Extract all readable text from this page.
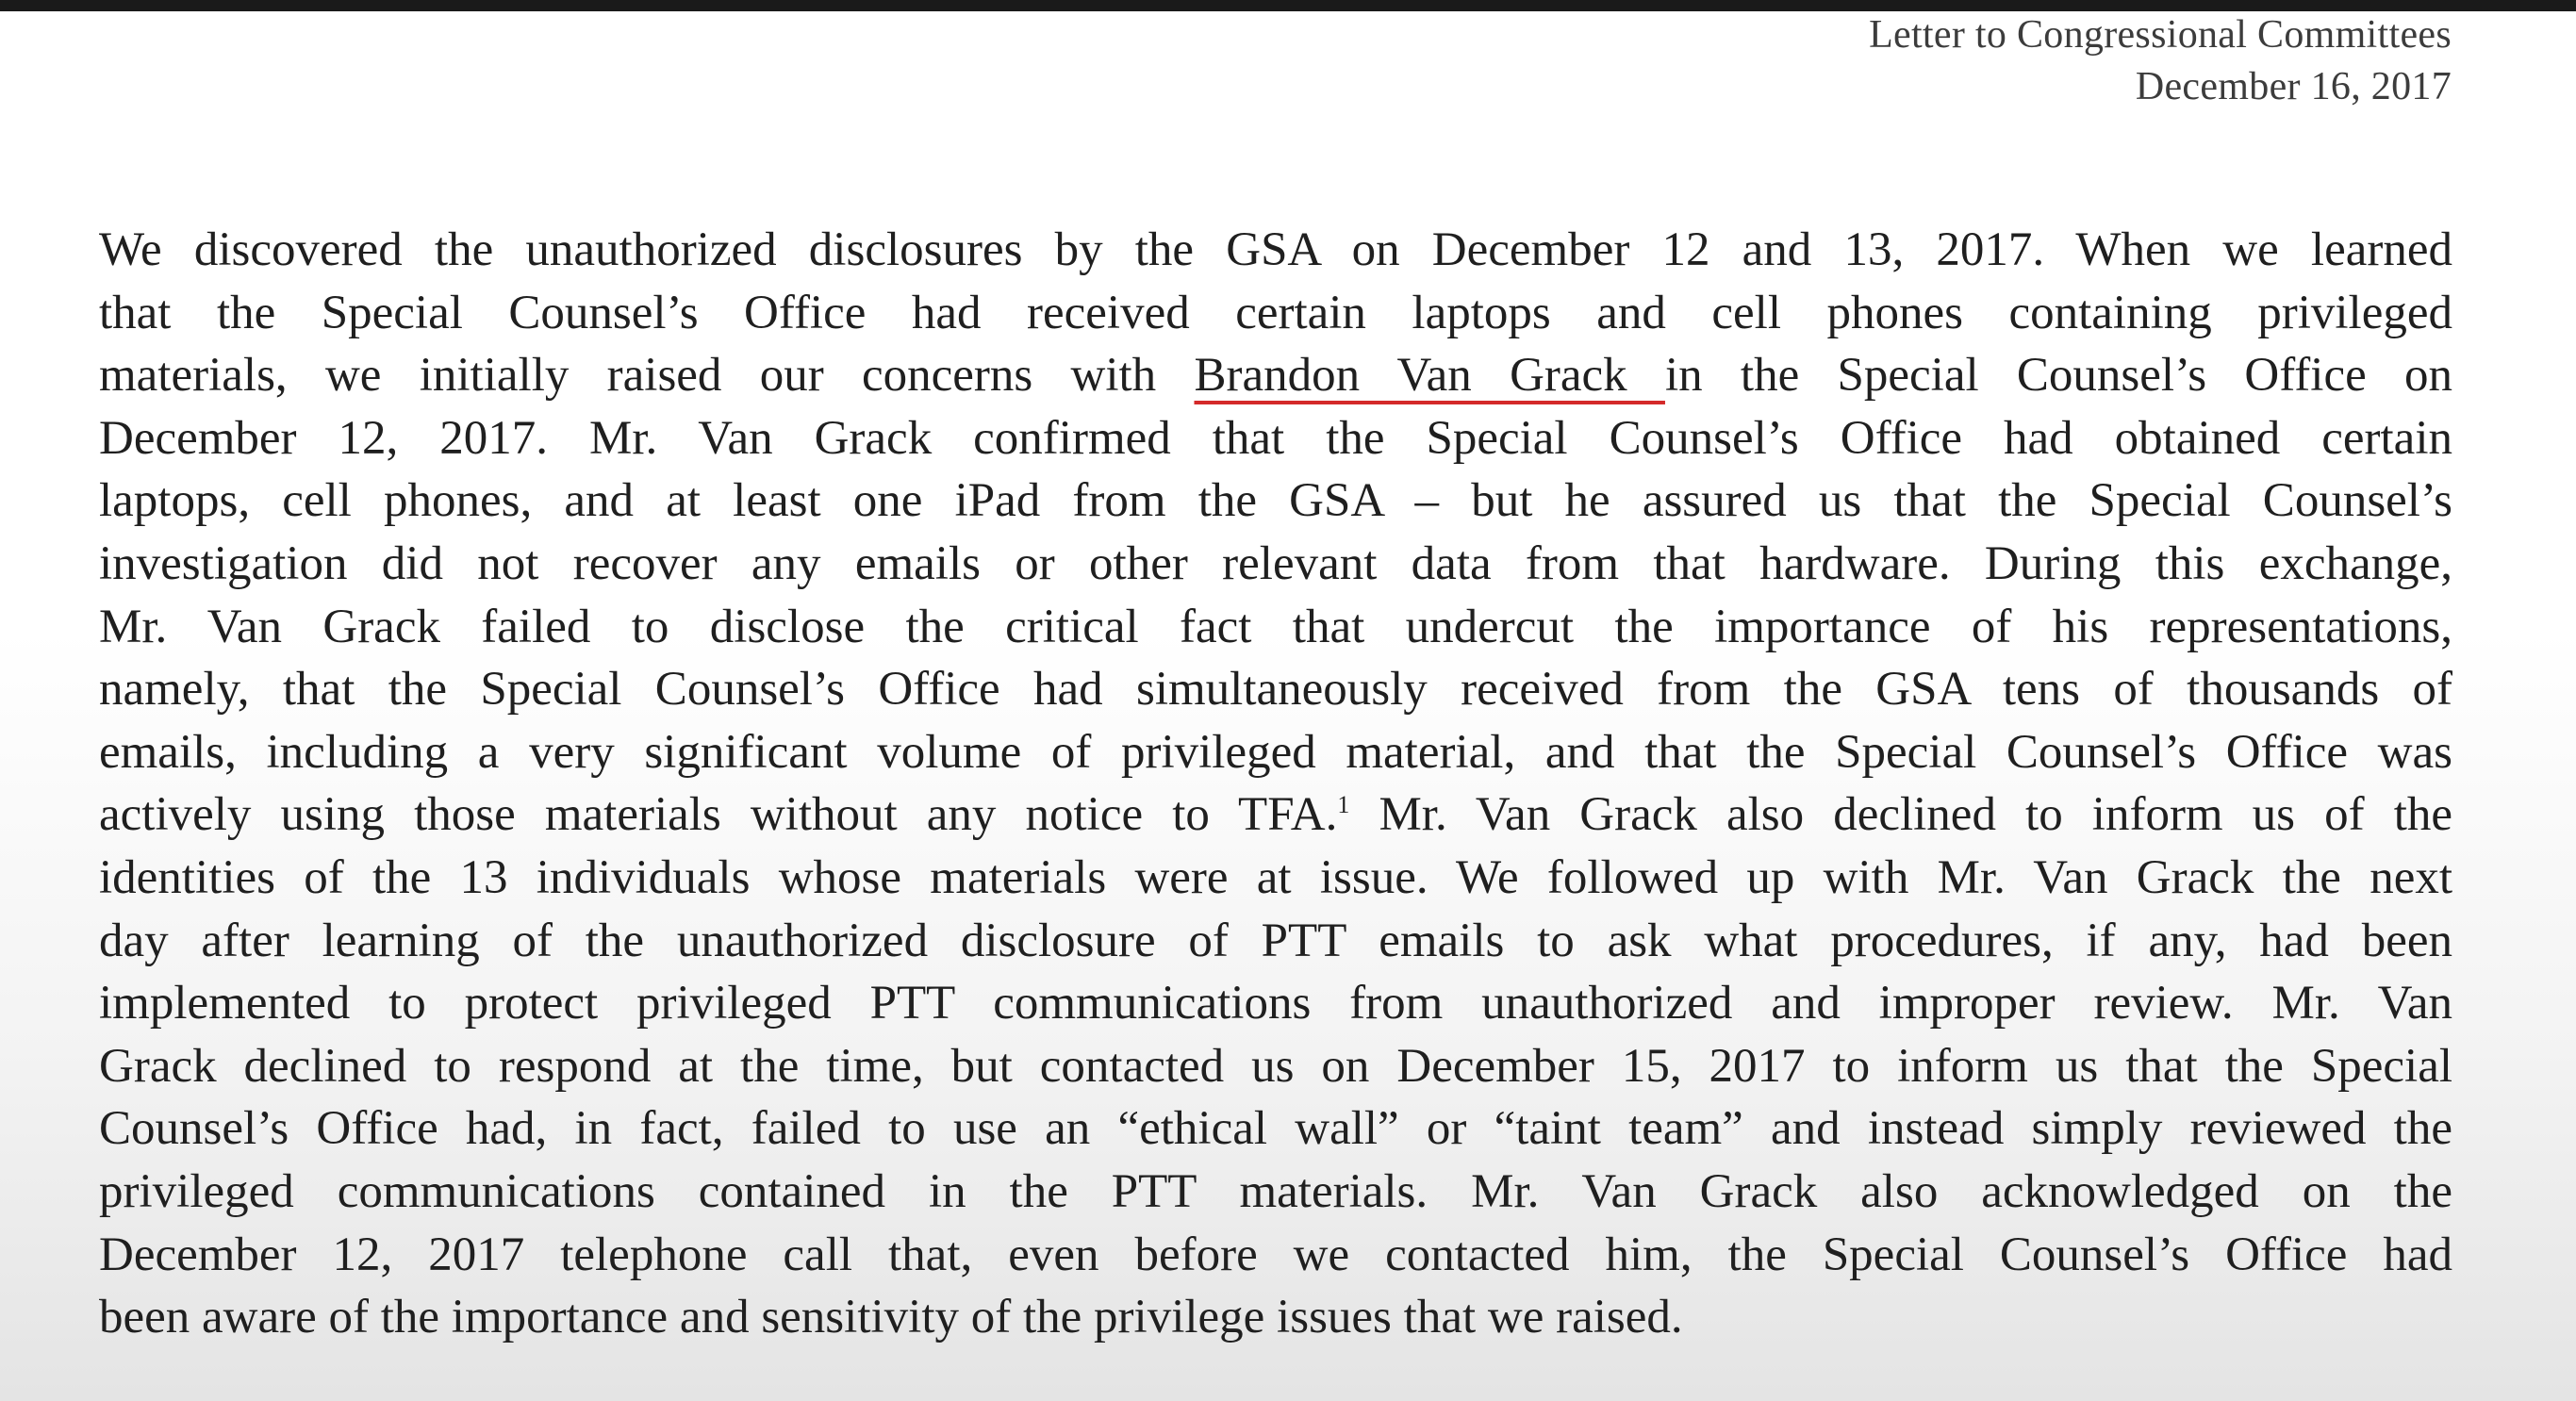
Letter to Congressional Committees
December 16, 2017
We discovered the unauthorized disclosures by the GSA on December 12 and 13, 2017. When we learned
that the Special Counsel’s Office had received certain laptops and cell phones containing privileged
materials, we initially raised our concerns with Brandon Van Grack in the Special Counsel’s Office on
December 12, 2017. Mr. Van Grack confirmed that the Special Counsel’s Office had obtained certain
laptops, cell phones, and at least one iPad from the GSA – but he assured us that the Special Counsel’s
investigation did not recover any emails or other relevant data from that hardware. During this exchange,
Mr. Van Grack failed to disclose the critical fact that undercut the importance of his representations,
namely, that the Special Counsel’s Office had simultaneously received from the GSA tens of thousands of
emails, including a very significant volume of privileged material, and that the Special Counsel’s Office was
actively using those materials without any notice to TFA.$^1$ Mr. Van Grack also declined to inform us of the
identities of the 13 individuals whose materials were at issue. We followed up with Mr. Van Grack the next
day after learning of the unauthorized disclosure of PTT emails to ask what procedures, if any, had been
implemented to protect privileged PTT communications from unauthorized and improper review. Mr. Van
Grack declined to respond at the time, but contacted us on December 15, 2017 to inform us that the Special
Counsel’s Office had, in fact, failed to use an “ethical wall” or “taint team” and instead simply reviewed the
privileged communications contained in the PTT materials. Mr. Van Grack also acknowledged on the
December 12, 2017 telephone call that, even before we contacted him, the Special Counsel’s Office had
been aware of the importance and sensitivity of the privilege issues that we raised.
